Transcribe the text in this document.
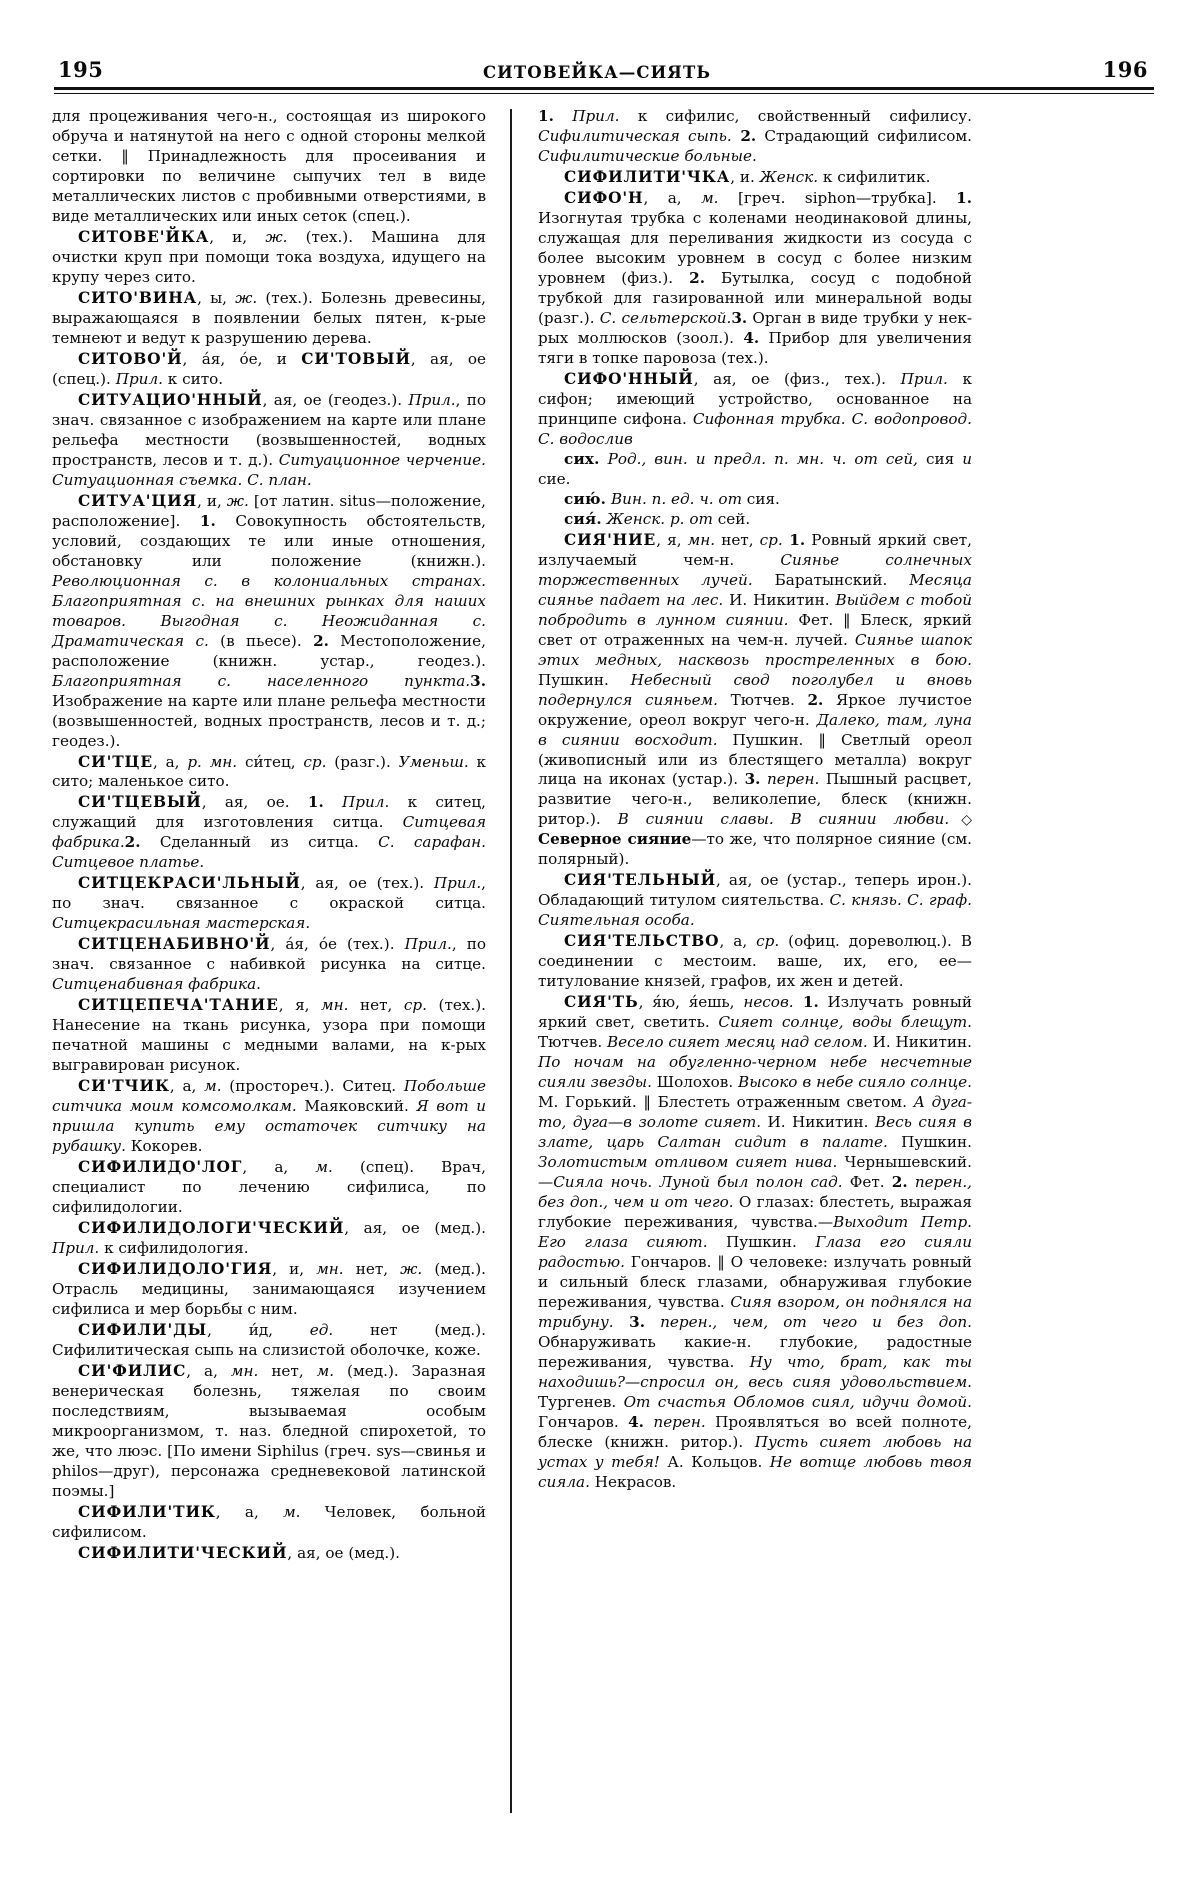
195	СИТОВЕЙКА—СИЯТЬ	196

для процеживания чего-н., состоящая из широкого обруча и натянутой на него с одной стороны мелкой сетки. ‖ Принадлежность для просеивания и сортировки по величине сыпучих тел в виде металлических листов с пробивными отверстиями, в виде металлических или иных сеток (спец.).

СИТОВЕ'ЙКА, и, ж. (тех.). Машина для очистки круп при помощи тока воздуха, идущего на крупу через сито.

СИТО'ВИНА, ы, ж. (тех.). Болезнь древесины, выражающаяся в появлении белых пятен, к-рые темнеют и ведут к разрушению дерева.

СИТОВО'Й, а́я, о́е, и СИ'ТОВЫЙ, ая, ое (спец.). Прил. к сито.

СИТУАЦИО'ННЫЙ, ая, ое (геодез.). Прил., по знач. связанное с изображением на карте или плане рельефа местности (возвышенностей, водных пространств, лесов и т. д.). Ситуационное черчение. Ситуационная съемка. С. план.

СИТУА'ЦИЯ, и, ж. [от латин. situs—положение, расположение]. 1. Совокупность обстоятельств, условий, создающих те или иные отношения, обстановку или положение (книжн.). Революционная с. в колониальных странах. Благоприятная с. на внешних рынках для наших товаров. Выгодная с. Неожиданная с. Драматическая с. (в пьесе). 2. Местоположение, расположение (книжн. устар., геодез.). Благоприятная с. населенного пункта.3. Изображение на карте или плане рельефа местности (возвышенностей, водных пространств, лесов и т. д.; геодез.).

СИ'ТЦЕ, а, р. мн. си́тец, ср. (разг.). Уменьш. к сито; маленькое сито.

СИ'ТЦЕВЫЙ, ая, ое. 1. Прил. к ситец, служащий для изготовления ситца. Ситцевая фабрика.2. Сделанный из ситца. С. сарафан. Ситцевое платье.

СИТЦЕКРАСИ'ЛЬНЫЙ, ая, ое (тех.). Прил., по знач. связанное с окраской ситца. Ситцекрасильная мастерская.

СИТЦЕНАБИВНО'Й, а́я, о́е (тех.). Прил., по знач. связанное с набивкой рисунка на ситце. Ситценабивная фабрика.

СИТЦЕПЕЧА'ТАНИЕ, я, мн. нет, ср. (тех.). Нанесение на ткань рисунка, узора при помощи печатной машины с медными валами, на к-рых выгравирован рисунок.

СИ'ТЧИК, а, м. (простореч.). Ситец. Побольше ситчика моим комсомолкам. Маяковский. Я вот и пришла купить ему остаточек ситчику на рубашку. Кокорев.

СИФИЛИДО'ЛОГ, а, м. (спец). Врач, специалист по лечению сифилиса, по сифилидологии.

СИФИЛИДОЛОГИ'ЧЕСКИЙ, ая, ое (мед.). Прил. к сифилидология.

СИФИЛИДОЛО'ГИЯ, и, мн. нет, ж. (мед.). Отрасль медицины, занимающаяся изучением сифилиса и мер борьбы с ним.

СИФИЛИ'ДЫ, и́д, ед. нет (мед.). Сифилитическая сыпь на слизистой оболочке, коже.

СИ'ФИЛИС, а, мн. нет, м. (мед.). Заразная венерическая болезнь, тяжелая по своим последствиям, вызываемая особым микроорганизмом, т. наз. бледной спирохетой, то же, что люэс. [По имени Siphilus (греч. sys—свинья и philos—друг), персонажа средневековой латинской поэмы.]

СИФИЛИ'ТИК, а, м. Человек, больной сифилисом.

СИФИЛИТИ'ЧЕСКИЙ, ая, ое (мед.).

1. Прил. к сифилис, свойственный сифилису. Сифилитическая сыпь. 2. Страдающий сифилисом. Сифилитические больные.

СИФИЛИТИ'ЧКА, и. Женск. к сифилитик.

СИФО'Н, а, м. [греч. siphon—трубка]. 1. Изогнутая трубка с коленами неодинаковой длины, служащая для переливания жидкости из сосуда с более высоким уровнем в сосуд с более низким уровнем (физ.). 2. Бутылка, сосуд с подобной трубкой для газированной или минеральной воды (разг.). С. сельтерской.3. Орган в виде трубки у нек-рых моллюсков (зоол.). 4. Прибор для увеличения тяги в топке паровоза (тех.).

СИФО'ННЫЙ, ая, ое (физ., тех.). Прил. к сифон; имеющий устройство, основанное на принципе сифона. Сифонная трубка. С. водопровод. С. водослив

сих. Род., вин. и предл. п. мн. ч. от сей, сия и сие.

сию́. Вин. п. ед. ч. от сия.

сия́. Женск. р. от сей.

СИЯ'НИЕ, я, мн. нет, ср. 1. Ровный яркий свет, излучаемый чем-н. Сиянье солнечных торжественных лучей. Баратынский. Месяца сиянье падает на лес. И. Никитин. Выйдем с тобой побродить в лунном сиянии. Фет. ‖ Блеск, яркий свет от отраженных на чем-н. лучей. Сиянье шапок этих медных, насквозь простреленных в бою. Пушкин. Небесный свод поголубел и вновь подернулся сияньем. Тютчев. 2. Яркое лучистое окружение, ореол вокруг чего-н. Далеко, там, луна в сиянии восходит. Пушкин. ‖ Светлый ореол (живописный или из блестящего металла) вокруг лица на иконах (устар.). 3. перен. Пышный расцвет, развитие чего-н., великолепие, блеск (книжн. ритор.). В сиянии славы. В сиянии любви.◇ Северное сияние—то же, что полярное сияние (см. полярный).

СИЯ'ТЕЛЬНЫЙ, ая, ое (устар., теперь ирон.). Обладающий титулом сиятельства. С. князь. С. граф. Сиятельная особа.

СИЯ'ТЕЛЬСТВО, а, ср. (офиц. дореволюц.). В соединении с местоим. ваше, их, его, ее—титулование князей, графов, их жен и детей.

СИЯ'ТЬ, я́ю, я́ешь, несов. 1. Излучать ровный яркий свет, светить. Сияет солнце, воды блещут. Тютчев. Весело сияет месяц над селом. И. Никитин. По ночам на обугленно-черном небе несчетные сияли звезды. Шолохов. Высоко в небе сияло солнце. М. Горький. ‖ Блестеть отраженным светом. А дуга-то, дуга—в золоте сияет. И. Никитин. Весь сияя в злате, царь Салтан сидит в палате. Пушкин. Золотистым отливом сияет нива. Чернышевский.—Сияла ночь. Луной был полон сад. Фет. 2. перен., без доп., чем и от чего. О глазах: блестеть, выражая глубокие переживания, чувства.—Выходит Петр. Его глаза сияют. Пушкин. Глаза его сияли радостью. Гончаров. ‖ О человеке: излучать ровный и сильный блеск глазами, обнаруживая глубокие переживания, чувства. Сияя взором, он поднялся на трибуну. 3. перен., чем, от чего и без доп. Обнаруживать какие-н. глубокие, радостные переживания, чувства. Ну что, брат, как ты находишь?—спросил он, весь сияя удовольствием. Тургенев. От счастья Обломов сиял, идучи домой. Гончаров. 4. перен. Проявляться во всей полноте, блеске (книжн. ритор.). Пусть сияет любовь на устах у тебя! А. Кольцов. Не вотще любовь твоя сияла. Некрасов.
